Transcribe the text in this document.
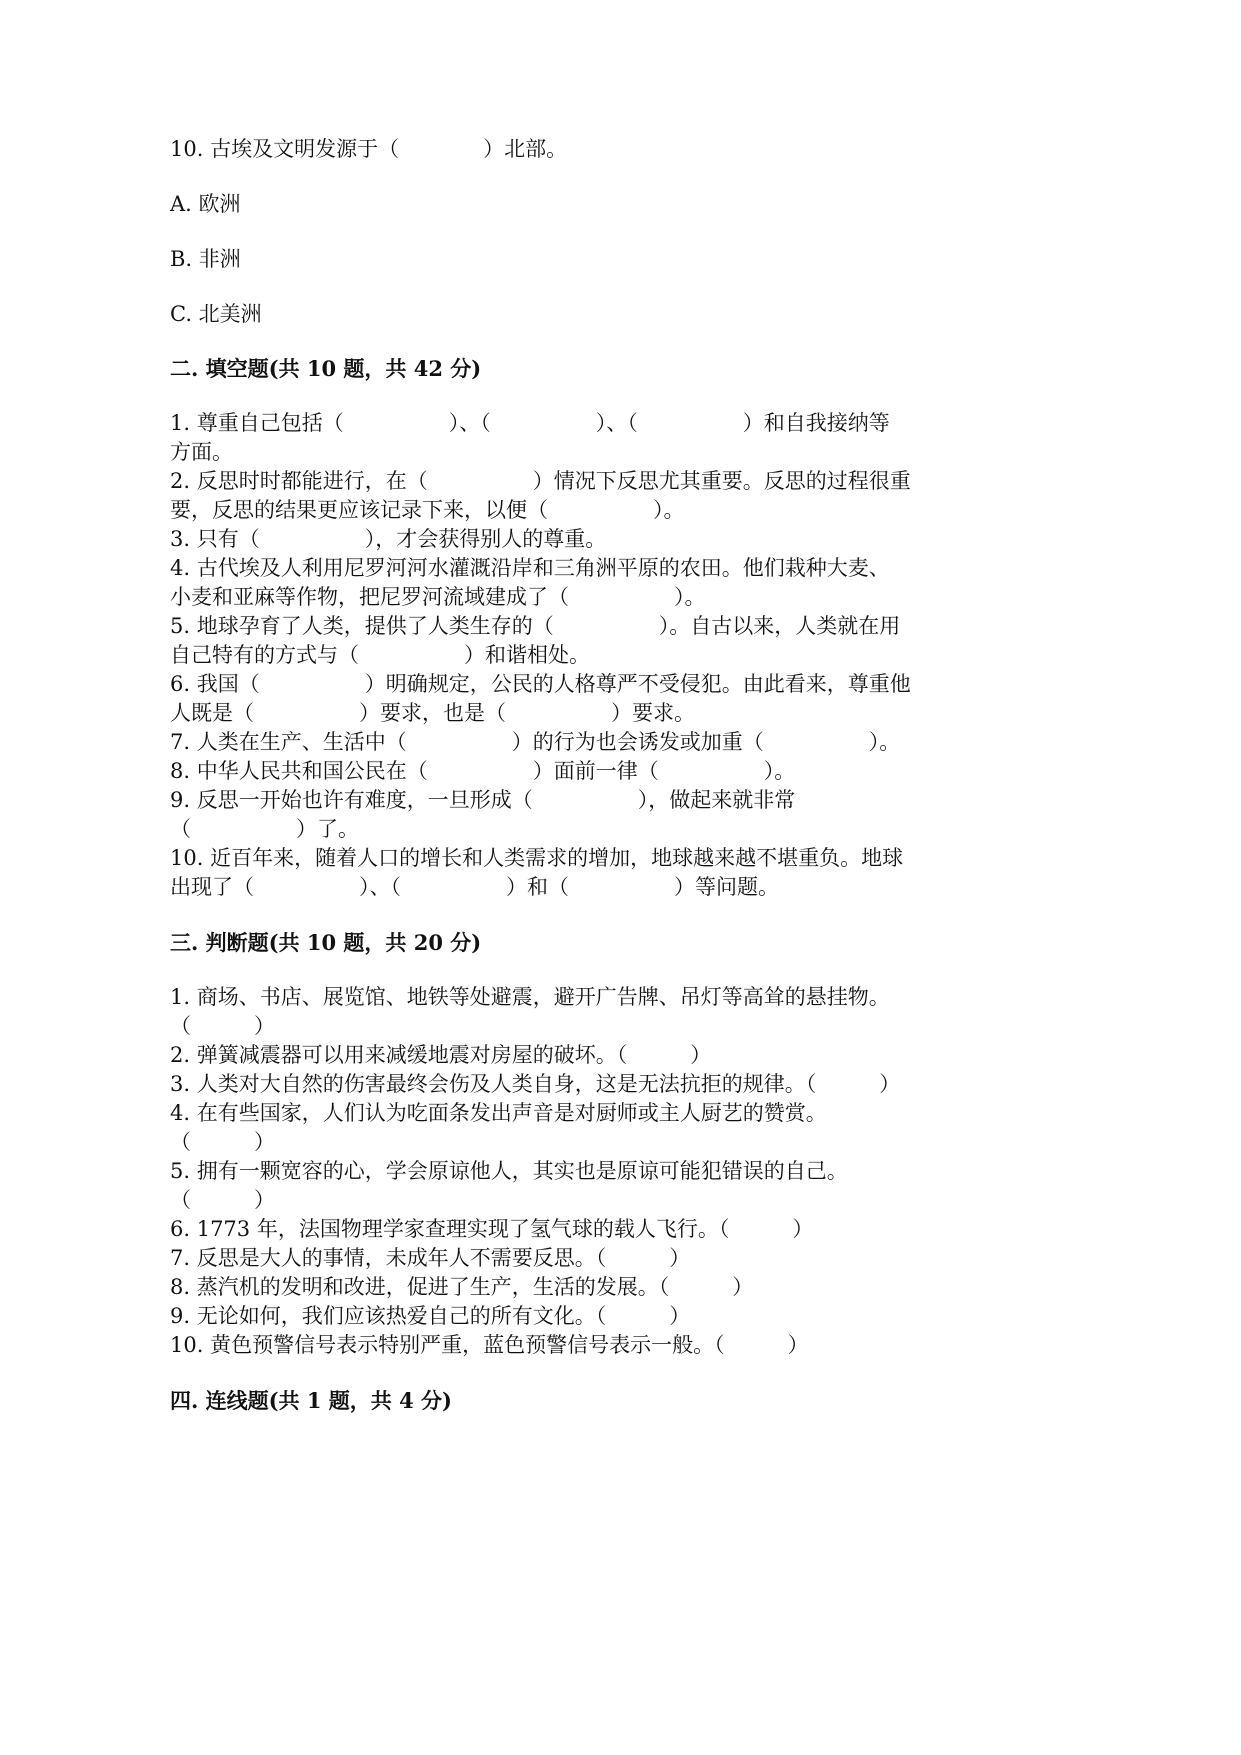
10. 古埃及文明发源于（　　　　）北部。
A. 欧洲
B. 非洲
C. 北美洲
二. 填空题(共 10 题，共 42 分)
1. 尊重自己包括（　　　　　）、（　　　　　）、（　　　　　）和自我接纳等
方面。
2. 反思时时都能进行，在（　　　　　）情况下反思尤其重要。反思的过程很重
要，反思的结果更应该记录下来，以便（　　　　　）。
3. 只有（　　　　　），才会获得别人的尊重。
4. 古代埃及人利用尼罗河河水灌溉沿岸和三角洲平原的农田。他们栽种大麦、
小麦和亚麻等作物，把尼罗河流域建成了（　　　　　）。
5. 地球孕育了人类，提供了人类生存的（　　　　　）。自古以来，人类就在用
自己特有的方式与（　　　　　）和谐相处。
6. 我国（　　　　　）明确规定，公民的人格尊严不受侵犯。由此看来，尊重他
人既是（　　　　　）要求，也是（　　　　　）要求。
7. 人类在生产、生活中（　　　　　）的行为也会诱发或加重（　　　　　）。
8. 中华人民共和国公民在（　　　　　）面前一律（　　　　　）。
9. 反思一开始也许有难度，一旦形成（　　　　　），做起来就非常
（　　　　　）了。
10. 近百年来，随着人口的增长和人类需求的增加，地球越来越不堪重负。地球
出现了（　　　　　）、（　　　　　）和（　　　　　）等问题。
三. 判断题(共 10 题，共 20 分)
1. 商场、书店、展览馆、地铁等处避震，避开广告牌、吊灯等高耸的悬挂物。
（　　　）
2. 弹簧减震器可以用来减缓地震对房屋的破坏。（　　　）
3. 人类对大自然的伤害最终会伤及人类自身，这是无法抗拒的规律。（　　　）
4. 在有些国家，人们认为吃面条发出声音是对厨师或主人厨艺的赞赏。
（　　　）
5. 拥有一颗宽容的心，学会原谅他人，其实也是原谅可能犯错误的自己。
（　　　）
6. 1773 年，法国物理学家查理实现了氢气球的载人飞行。（　　　）
7. 反思是大人的事情，未成年人不需要反思。（　　　）
8. 蒸汽机的发明和改进，促进了生产，生活的发展。（　　　）
9. 无论如何，我们应该热爱自己的所有文化。（　　　）
10. 黄色预警信号表示特别严重，蓝色预警信号表示一般。（　　　）
四. 连线题(共 1 题，共 4 分)
